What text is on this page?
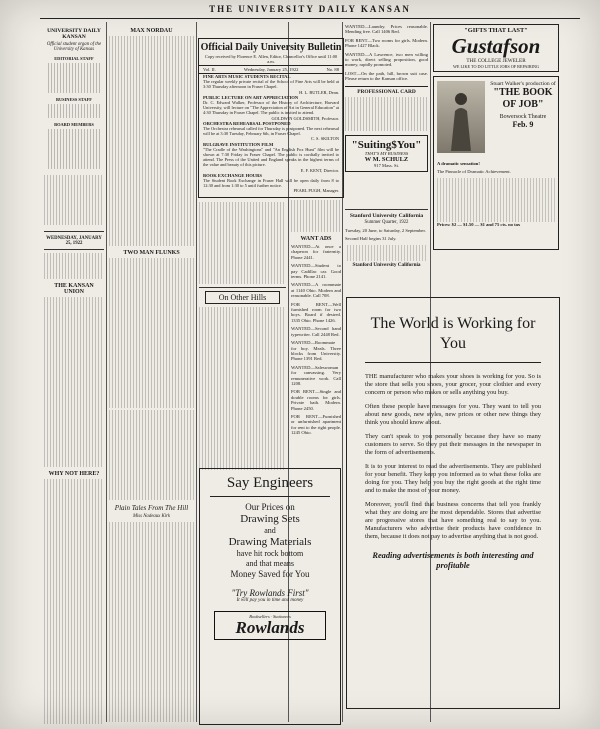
THE UNIVERSITY DAILY KANSAN
UNIVERSITY DAILY KANSAN
Official student organ of the University of Kansas
EDITORIAL STAFF
BUSINESS STAFF
BOARD MEMBERS
WEDNESDAY, JANUARY 25, 1922
THE KANSAN UNION
WHY NOT HERE?
MAX NORDAU
TWO MAN FLUNKS
Plain Tales From The Hill
Miss Nadeaux Kirk
Official Daily University Bulletin
Copy received by Florence E. Allen, Editor, Chancellor's Office until 11:00 a.m.
Vol. II.	Wednesday, January 25, 1922	No. 88
FINE ARTS MUSIC STUDENTS RECITAL
The regular weekly private recital of the School of Fine Arts will be held at 3:30 Thursday afternoon in Fraser Chapel.
H. L. BUTLER, Dean.
PUBLIC LECTURE ON ART APPRECIATION
Dr. C. Edward Walker, Professor of the History of Architecture, Harvard University, will lecture on "The Appreciation of Art in General Education" at 4:30 Thursday in Fraser Chapel. The public is invited to attend.
GOLDWIN GOLDSMITH, Professor.
ORCHESTRA REHEARSAL POSTPONED
The Orchestra rehearsal called for Thursday is postponed. The next rehearsal will be at 3:30 Tuesday, February 6th, in Fraser Chapel.
C. S. SKILTON
BULGRAVE INSTITUTION FILM
"The Cradle of the Washingtons" and "An English Fox Hunt" film will be shown at 7:30 Friday in Fraser Chapel. The public is cordially invited to attend. The Press of the United and England speaks in the highest terms of the value and beauty of this picture.
E. F. KENT, Director.
BOOK EXCHANGE HOURS
The Student Book Exchange in Fraser Hall will be open daily from 8 to 12:30 and from 1:30 to 5 until further notice.
PEARL PUGH, Manager.
On Other Hills
WANT ADS

WANTED—At once a chaperon for fraternity. Phone 2441.

WANTED—Student to pay Cadillac car. Good terms. Phone 2141.

WANTED—A roommate at 1140 Ohio. Modern and reasonable. Call 708.

FOR RENT—Well furnished room for two boys. Board if desired. 1335 Ohio. Phone 1426.

WANTED—Second hand typewriter. Call 2448 Red.

WANTED—Roommate for boy. Meals. Three blocks from University. Phone 1391 Red.

WANTED—Saleswoman for canvassing. Very remunerative work. Call 1208.

FOR RENT—Single and double rooms for girls. Private bath. Modern. Phone 2450.

FOR RENT—Furnished or unfurnished apartment for rent to the right people. 1245 Ohio.

Say Engineers
Our Prices on
Drawing Sets
and
Drawing Materials
have hit rock bottom
and that means
Money Saved for You
"Try Rowlands First"
It will pay you in time and money
Booksellers · Stationers
Rowlands

WANTED—Laundry. Prices reasonable. Mending free. Call 1406 Red.

FOR RENT—Two rooms for girls. Modern. Phone 1427 Black.

WANTED—A Lawrence, two men willing to work, direct selling proposition, good money, rapidly promoted.

LOST—On the path, hill, brown suit case. Please return to the Kansan office.

PROFESSIONAL CARD
"Suiting$You"
THAT'S MY BUSINESS
W M. SCHULZ
917 Mass. St.
Stanford University California
Summer Quarter, 1922

Tuesday, 20 June, to Saturday, 2 September.

Second Half begins 31 July.

Stanford University California
"GIFTS THAT LAST"
Gustafson
THE COLLEGE JEWELER
WE LIKE TO DO LITTLE JOBS OF REPAIRING
Stuart Walker's production of
"THE BOOK OF JOB"
Bowersock Theatre
Feb. 9

A dramatic sensation!

The Pinnacle of Dramatic Achievement.

Prices: $2 — $1.50 — $1 and 75 cts. no tax

The World is Working for You

THE manufacturer who makes your shoes is working for you. So is the store that sells you shoes, your grocer, your clothier and every concern or person who makes or sells anything you buy.

Often these people have messages for you. They want to tell you about new goods, new styles, new prices or other new things they think you should know about.

They can't speak to you personally because they have so many customers to serve. So they put their messages in the newspaper in the form of advertisements.

It is to your interest to read the advertisements. They are published for your benefit. They keep you informed as to what these folks are doing for you. They help you buy the right goods at the right time and to make the most of your money.

Moreover, you'll find that business concerns that tell you frankly what they are doing are the most dependable. Stores that advertise are progressive stores that have something real to say to you. Manufacturers who advertise their products have confidence in them, because it does not pay to advertise anything that is not good.

Reading advertisements is both interesting and profitable
